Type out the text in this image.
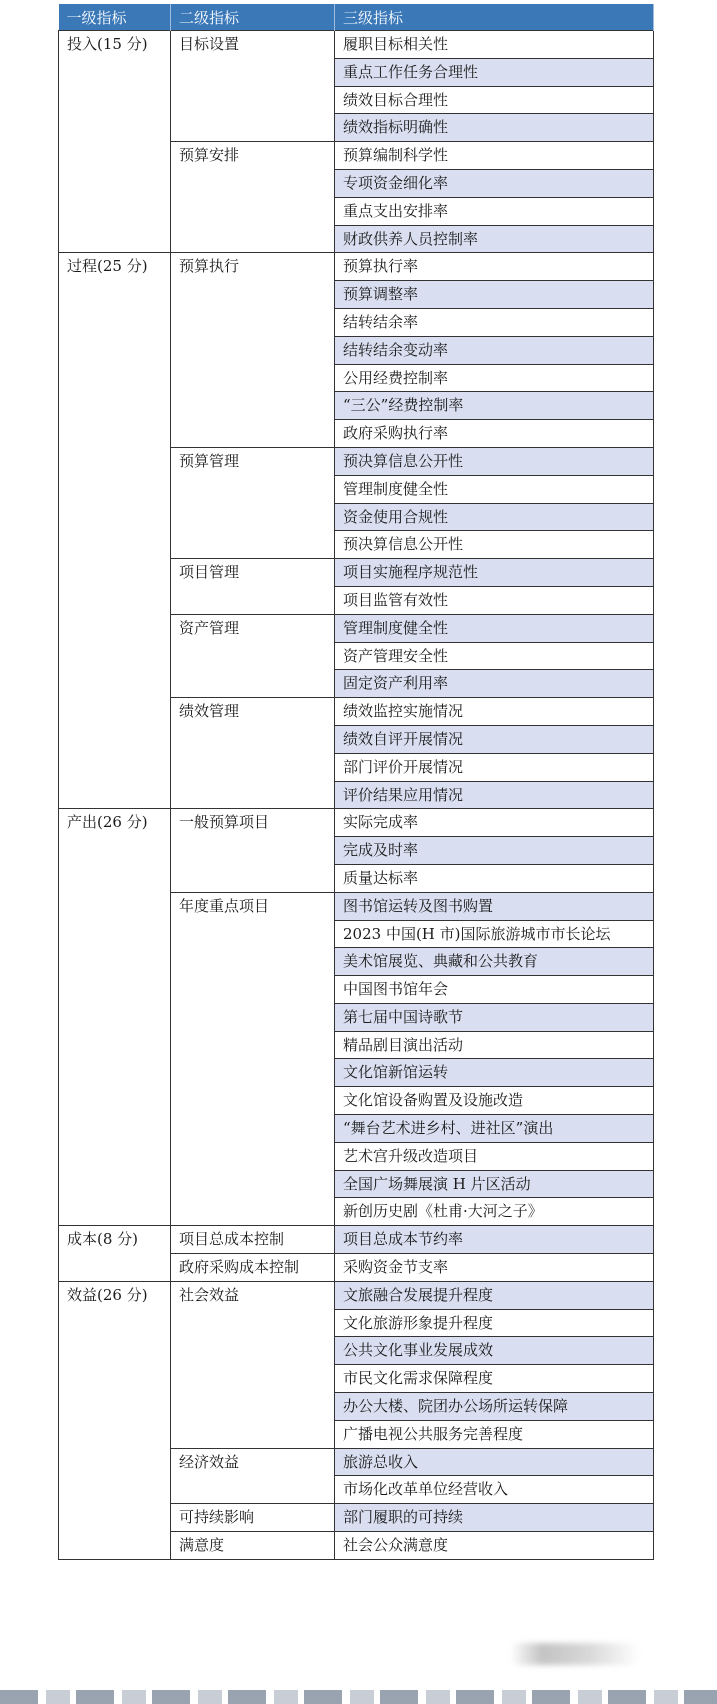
一级指标	二级指标	三级指标
投入(15 分)	目标设置	履职目标相关性
		重点工作任务合理性
		绩效目标合理性
		绩效指标明确性
	预算安排	预算编制科学性
		专项资金细化率
		重点支出安排率
		财政供养人员控制率
过程(25 分)	预算执行	预算执行率
		预算调整率
		结转结余率
		结转结余变动率
		公用经费控制率
		“三公”经费控制率
		政府采购执行率
	预算管理	预决算信息公开性
		管理制度健全性
		资金使用合规性
		预决算信息公开性
	项目管理	项目实施程序规范性
		项目监管有效性
	资产管理	管理制度健全性
		资产管理安全性
		固定资产利用率
	绩效管理	绩效监控实施情况
		绩效自评开展情况
		部门评价开展情况
		评价结果应用情况
产出(26 分)	一般预算项目	实际完成率
		完成及时率
		质量达标率
	年度重点项目	图书馆运转及图书购置
		2023 中国(H 市)国际旅游城市市长论坛
		美术馆展览、典藏和公共教育
		中国图书馆年会
		第七届中国诗歌节
		精品剧目演出活动
		文化馆新馆运转
		文化馆设备购置及设施改造
		“舞台艺术进乡村、进社区”演出
		艺术宫升级改造项目
		全国广场舞展演 H 片区活动
		新创历史剧《杜甫·大河之子》
成本(8 分)	项目总成本控制	项目总成本节约率
	政府采购成本控制	采购资金节支率
效益(26 分)	社会效益	文旅融合发展提升程度
		文化旅游形象提升程度
		公共文化事业发展成效
		市民文化需求保障程度
		办公大楼、院团办公场所运转保障
		广播电视公共服务完善程度
	经济效益	旅游总收入
		市场化改革单位经营收入
	可持续影响	部门履职的可持续
	满意度	社会公众满意度
